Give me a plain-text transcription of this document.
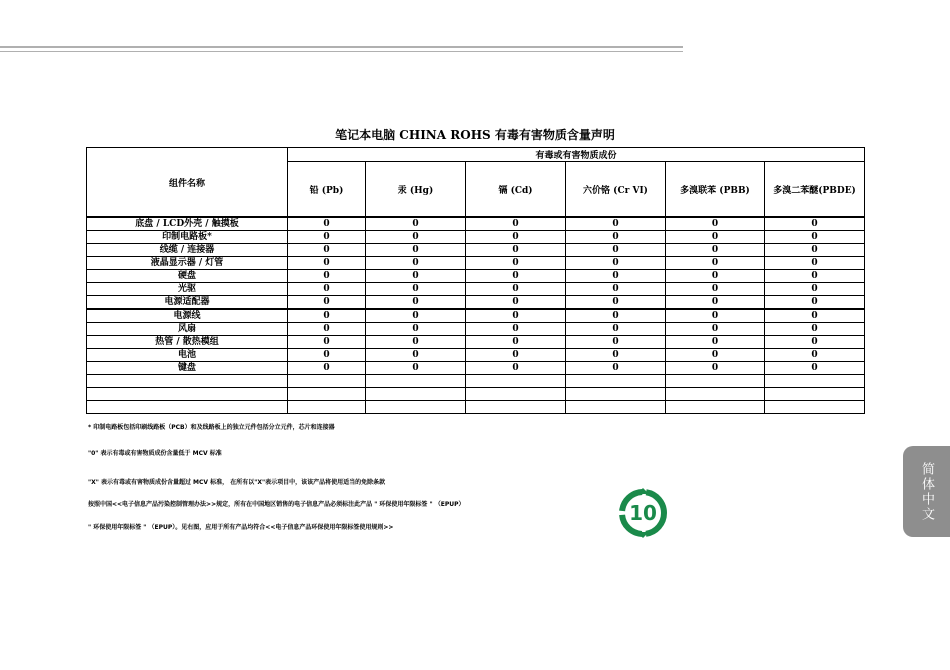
笔记本电脑 CHINA ROHS 有毒有害物质含量声明
组件名称	有毒或有害物质成份					
	铅 (Pb)	汞 (Hg)	镉 (Cd)	六价铬 (Cr VI)	多溴联苯 (PBB)	多溴二苯醚(PBDE)
底盘 / LCD外壳 / 触摸板	0	0	0	0	0	0
印制电路板*	0	0	0	0	0	0
线缆 / 连接器	0	0	0	0	0	0
液晶显示器 / 灯管	0	0	0	0	0	0
硬盘	0	0	0	0	0	0
光驱	0	0	0	0	0	0
电源适配器	0	0	0	0	0	0
电源线	0	0	0	0	0	0
风扇	0	0	0	0	0	0
热管 / 散热模组	0	0	0	0	0	0
电池	0	0	0	0	0	0
键盘	0	0	0	0	0	0

* 印制电路板包括印刷线路板（PCB）和及线路板上的独立元件包括分立元件，芯片和连接器
"0" 表示有毒或有害物质成份含量低于 MCV 标准
"X" 表示有毒或有害物质成份含量超过 MCV 标准， 在所有以"X"表示项目中，该该产品将使用适当的免除条款
按照中国<<电子信息产品污染控制管理办法>>规定，所有在中国地区销售的电子信息产品必须标注此产品 " 环保使用年限标签 " （EPUP）
" 环保使用年限标签 " （EPUP）。见右图，应用于所有产品均符合<<电子信息产品环保使用年限标签使用规则>>
10	简体中文
